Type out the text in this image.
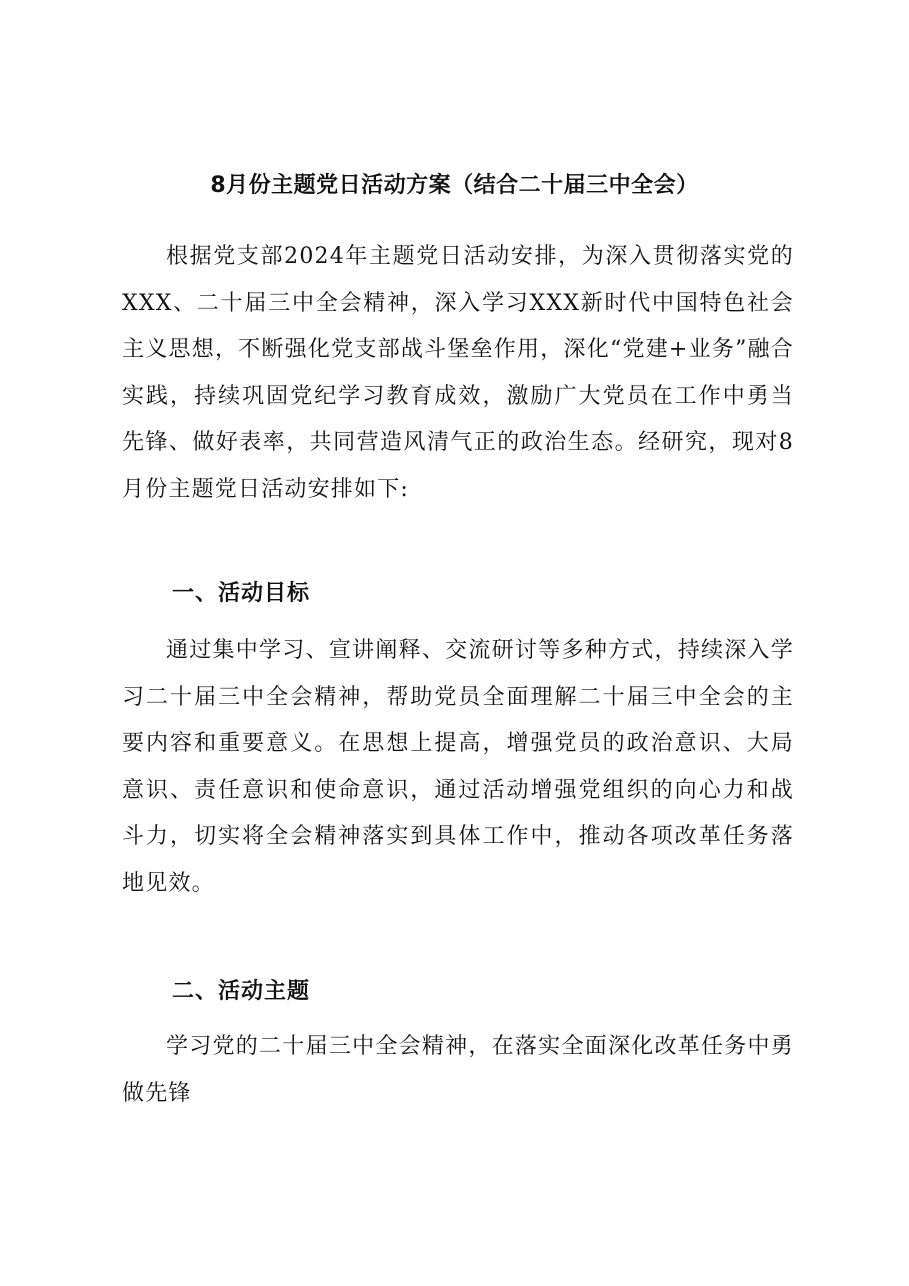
8月份主题党日活动方案（结合二十届三中全会）
根据党支部2024年主题党日活动安排，为深入贯彻落实党的XXX、二十届三中全会精神，深入学习XXX新时代中国特色社会主义思想，不断强化党支部战斗堡垒作用，深化“党建+业务”融合实践，持续巩固党纪学习教育成效，激励广大党员在工作中勇当先锋、做好表率，共同营造风清气正的政治生态。经研究，现对8月份主题党日活动安排如下:
一、活动目标
通过集中学习、宣讲阐释、交流研讨等多种方式，持续深入学习二十届三中全会精神，帮助党员全面理解二十届三中全会的主要内容和重要意义。在思想上提高，增强党员的政治意识、大局意识、责任意识和使命意识，通过活动增强党组织的向心力和战斗力，切实将全会精神落实到具体工作中，推动各项改革任务落地见效。
二、活动主题
学习党的二十届三中全会精神，在落实全面深化改革任务中勇做先锋
